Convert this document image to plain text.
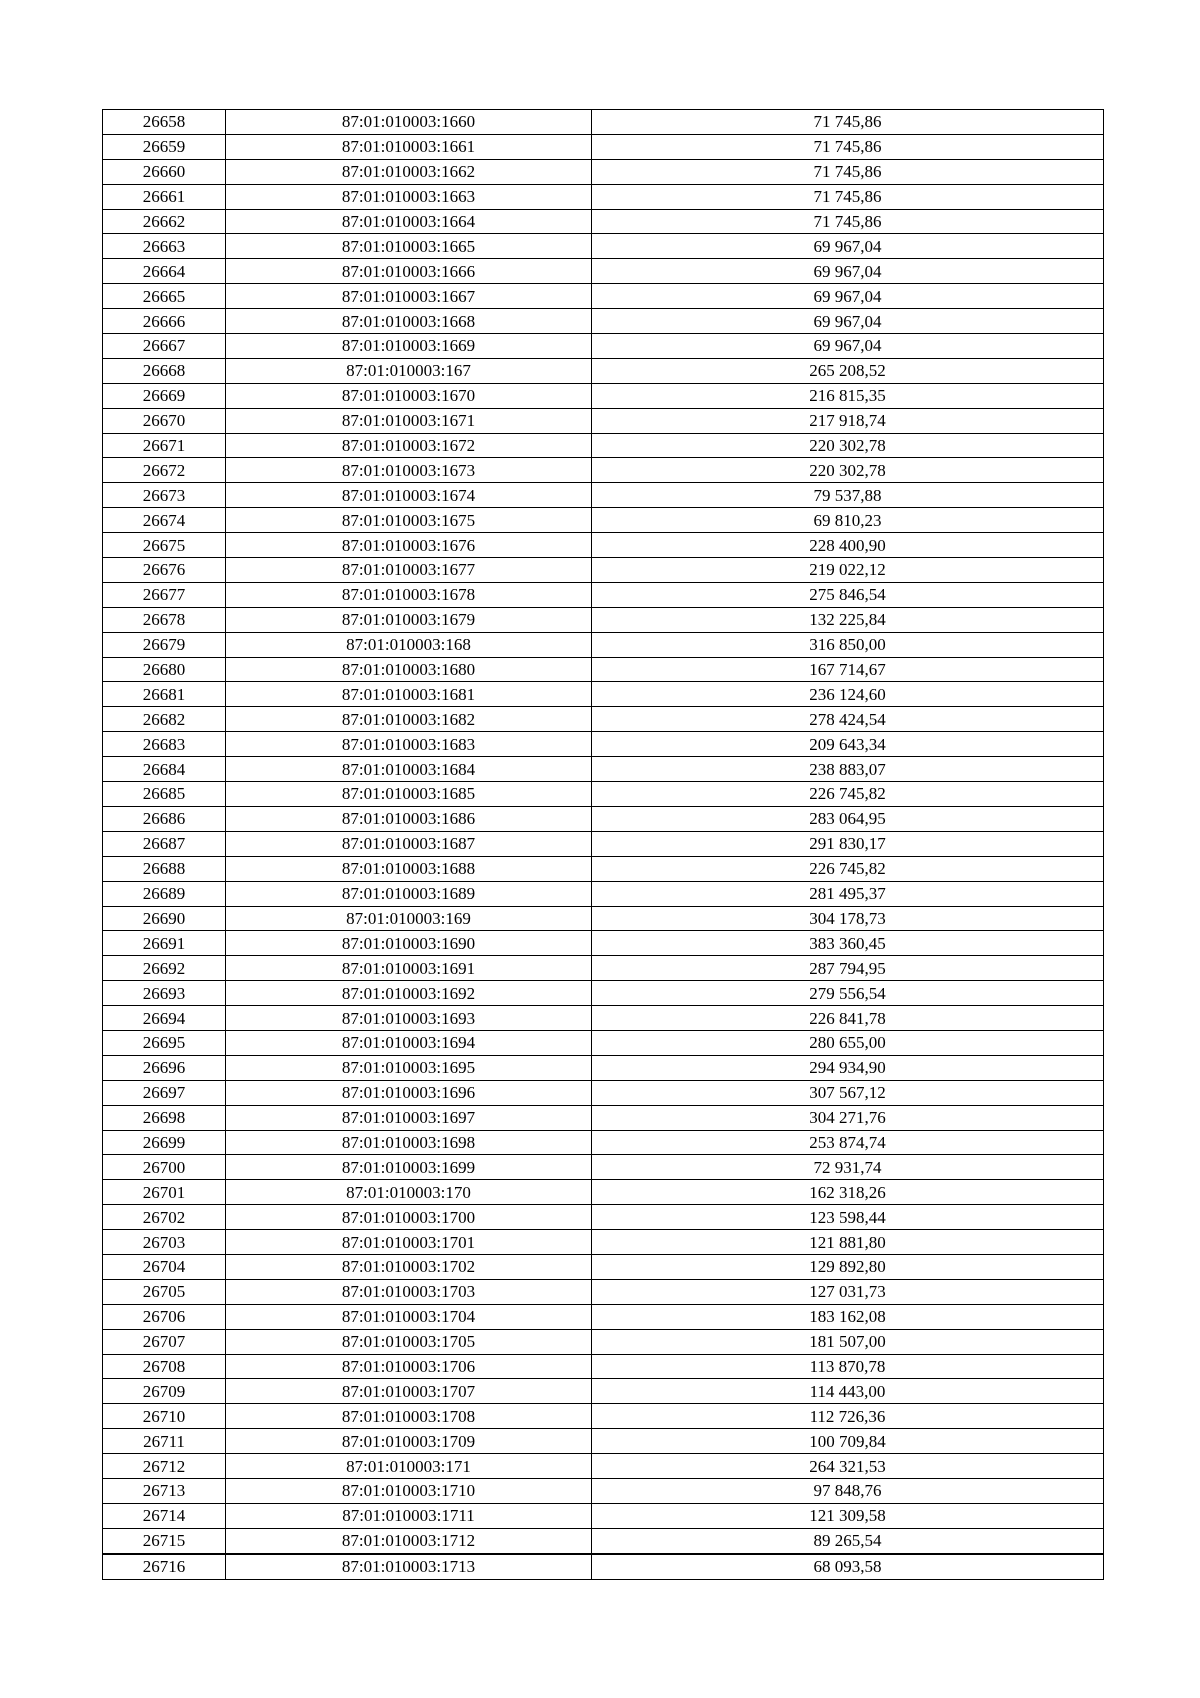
26658	87:01:010003:1660	71 745,86
26659	87:01:010003:1661	71 745,86
26660	87:01:010003:1662	71 745,86
26661	87:01:010003:1663	71 745,86
26662	87:01:010003:1664	71 745,86
26663	87:01:010003:1665	69 967,04
26664	87:01:010003:1666	69 967,04
26665	87:01:010003:1667	69 967,04
26666	87:01:010003:1668	69 967,04
26667	87:01:010003:1669	69 967,04
26668	87:01:010003:167	265 208,52
26669	87:01:010003:1670	216 815,35
26670	87:01:010003:1671	217 918,74
26671	87:01:010003:1672	220 302,78
26672	87:01:010003:1673	220 302,78
26673	87:01:010003:1674	79 537,88
26674	87:01:010003:1675	69 810,23
26675	87:01:010003:1676	228 400,90
26676	87:01:010003:1677	219 022,12
26677	87:01:010003:1678	275 846,54
26678	87:01:010003:1679	132 225,84
26679	87:01:010003:168	316 850,00
26680	87:01:010003:1680	167 714,67
26681	87:01:010003:1681	236 124,60
26682	87:01:010003:1682	278 424,54
26683	87:01:010003:1683	209 643,34
26684	87:01:010003:1684	238 883,07
26685	87:01:010003:1685	226 745,82
26686	87:01:010003:1686	283 064,95
26687	87:01:010003:1687	291 830,17
26688	87:01:010003:1688	226 745,82
26689	87:01:010003:1689	281 495,37
26690	87:01:010003:169	304 178,73
26691	87:01:010003:1690	383 360,45
26692	87:01:010003:1691	287 794,95
26693	87:01:010003:1692	279 556,54
26694	87:01:010003:1693	226 841,78
26695	87:01:010003:1694	280 655,00
26696	87:01:010003:1695	294 934,90
26697	87:01:010003:1696	307 567,12
26698	87:01:010003:1697	304 271,76
26699	87:01:010003:1698	253 874,74
26700	87:01:010003:1699	72 931,74
26701	87:01:010003:170	162 318,26
26702	87:01:010003:1700	123 598,44
26703	87:01:010003:1701	121 881,80
26704	87:01:010003:1702	129 892,80
26705	87:01:010003:1703	127 031,73
26706	87:01:010003:1704	183 162,08
26707	87:01:010003:1705	181 507,00
26708	87:01:010003:1706	113 870,78
26709	87:01:010003:1707	114 443,00
26710	87:01:010003:1708	112 726,36
26711	87:01:010003:1709	100 709,84
26712	87:01:010003:171	264 321,53
26713	87:01:010003:1710	97 848,76
26714	87:01:010003:1711	121 309,58
26715	87:01:010003:1712	89 265,54
26716	87:01:010003:1713	68 093,58
